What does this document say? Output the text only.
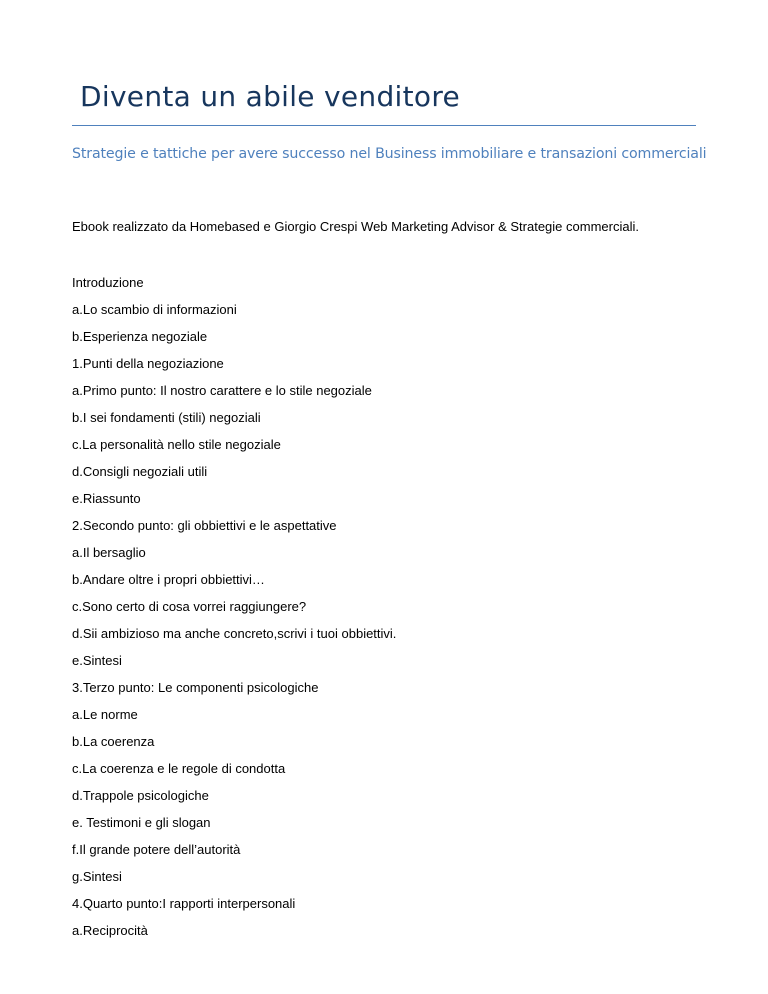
Diventa un abile venditore

Strategie e tattiche per avere successo nel Business immobiliare e transazioni commerciali

Ebook realizzato da Homebased e Giorgio Crespi Web Marketing Advisor & Strategie commerciali.

Introduzione
a.Lo scambio di informazioni
b.Esperienza negoziale
1.Punti della negoziazione
a.Primo punto: Il nostro carattere e lo stile negoziale
b.I sei fondamenti (stili) negoziali
c.La personalità nello stile negoziale
d.Consigli negoziali utili
e.Riassunto
2.Secondo punto: gli obbiettivi e le aspettative
a.Il bersaglio
b.Andare oltre i propri obbiettivi…
c.Sono certo di cosa vorrei raggiungere?
d.Sii ambizioso ma anche concreto,scrivi i tuoi obbiettivi.
e.Sintesi
3.Terzo punto: Le componenti psicologiche
a.Le norme
b.La coerenza
c.La coerenza e le regole di condotta
d.Trappole psicologiche
e. Testimoni e gli slogan
f.Il grande potere dell’autorità
g.Sintesi
4.Quarto punto:I rapporti interpersonali
a.Reciprocità
